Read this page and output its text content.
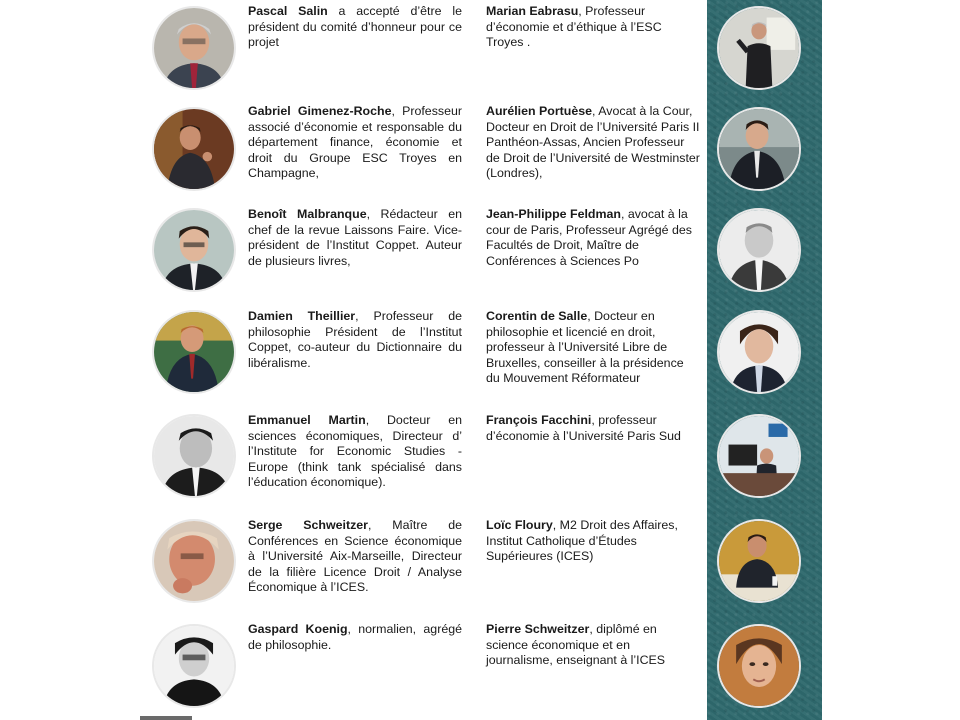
Pascal Salin a accepté d’être le président du comité d’honneur pour ce projet
Gabriel Gimenez-Roche, Professeur associé d’économie et responsable du département finance, économie et droit du Groupe ESC Troyes en Champagne,
Benoît Malbranque, Rédacteur en chef de la revue Laissons Faire. Vice-président de l’Institut Coppet. Auteur de plusieurs livres,
Damien Theillier, Professeur de philosophie Président de l’Institut Coppet, co-auteur du Dictionnaire du libéralisme.
Emmanuel Martin, Docteur en sciences économiques, Directeur d’ l’Institute for Economic Studies - Europe (think tank spécialisé dans l’éducation économique).
Serge Schweitzer, Maître de Conférences en Science économique à l’Université Aix-Marseille, Directeur de la filière Licence Droit / Analyse Économique à l’ICES.
Gaspard Koenig, normalien, agrégé de philosophie.
Marian Eabrasu, Professeur d’économie et d’éthique à l’ESC Troyes .
Aurélien Portuèse, Avocat à la Cour, Docteur en Droit de l’Université Paris II Panthéon-Assas, Ancien Professeur de Droit de l’Université de Westminster (Londres),
Jean-Philippe Feldman, avocat à la cour de Paris, Professeur Agrégé des Facultés de Droit, Maître de Conférences à Sciences Po
Corentin de Salle, Docteur en philosophie et licencié en droit, professeur à l’Université Libre de Bruxelles, conseiller à la présidence du Mouvement Réformateur
François Facchini, professeur d’économie à l’Université Paris Sud
Loïc Floury, M2 Droit des Affaires, Institut Catholique d’Études Supérieures (ICES)
Pierre Schweitzer, diplômé en science économique et en journalisme, enseignant à l’ICES
